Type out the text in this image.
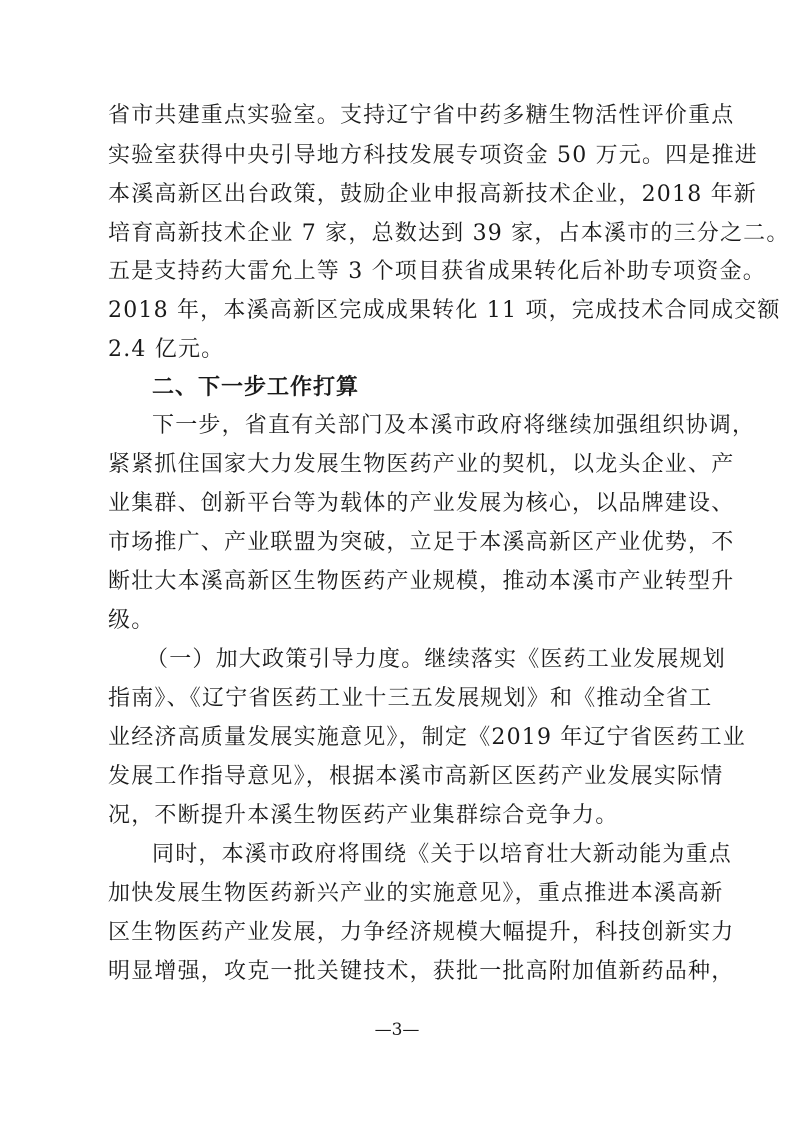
省市共建重点实验室。支持辽宁省中药多糖生物活性评价重点
实验室获得中央引导地方科技发展专项资金 50 万元。四是推进
本溪高新区出台政策，鼓励企业申报高新技术企业，2018 年新
培育高新技术企业 7 家，总数达到 39 家，占本溪市的三分之二。
五是支持药大雷允上等 3 个项目获省成果转化后补助专项资金。
2018 年，本溪高新区完成成果转化 11 项，完成技术合同成交额
2.4 亿元。
二、下一步工作打算
下一步，省直有关部门及本溪市政府将继续加强组织协调，
紧紧抓住国家大力发展生物医药产业的契机，以龙头企业、产
业集群、创新平台等为载体的产业发展为核心，以品牌建设、
市场推广、产业联盟为突破，立足于本溪高新区产业优势，不
断壮大本溪高新区生物医药产业规模，推动本溪市产业转型升
级。
（一）加大政策引导力度。继续落实《医药工业发展规划
指南》、《辽宁省医药工业十三五发展规划》和《推动全省工
业经济高质量发展实施意见》，制定《2019 年辽宁省医药工业
发展工作指导意见》，根据本溪市高新区医药产业发展实际情
况，不断提升本溪生物医药产业集群综合竞争力。
同时，本溪市政府将围绕《关于以培育壮大新动能为重点
加快发展生物医药新兴产业的实施意见》，重点推进本溪高新
区生物医药产业发展，力争经济规模大幅提升，科技创新实力
明显增强，攻克一批关键技术，获批一批高附加值新药品种，
—3—
